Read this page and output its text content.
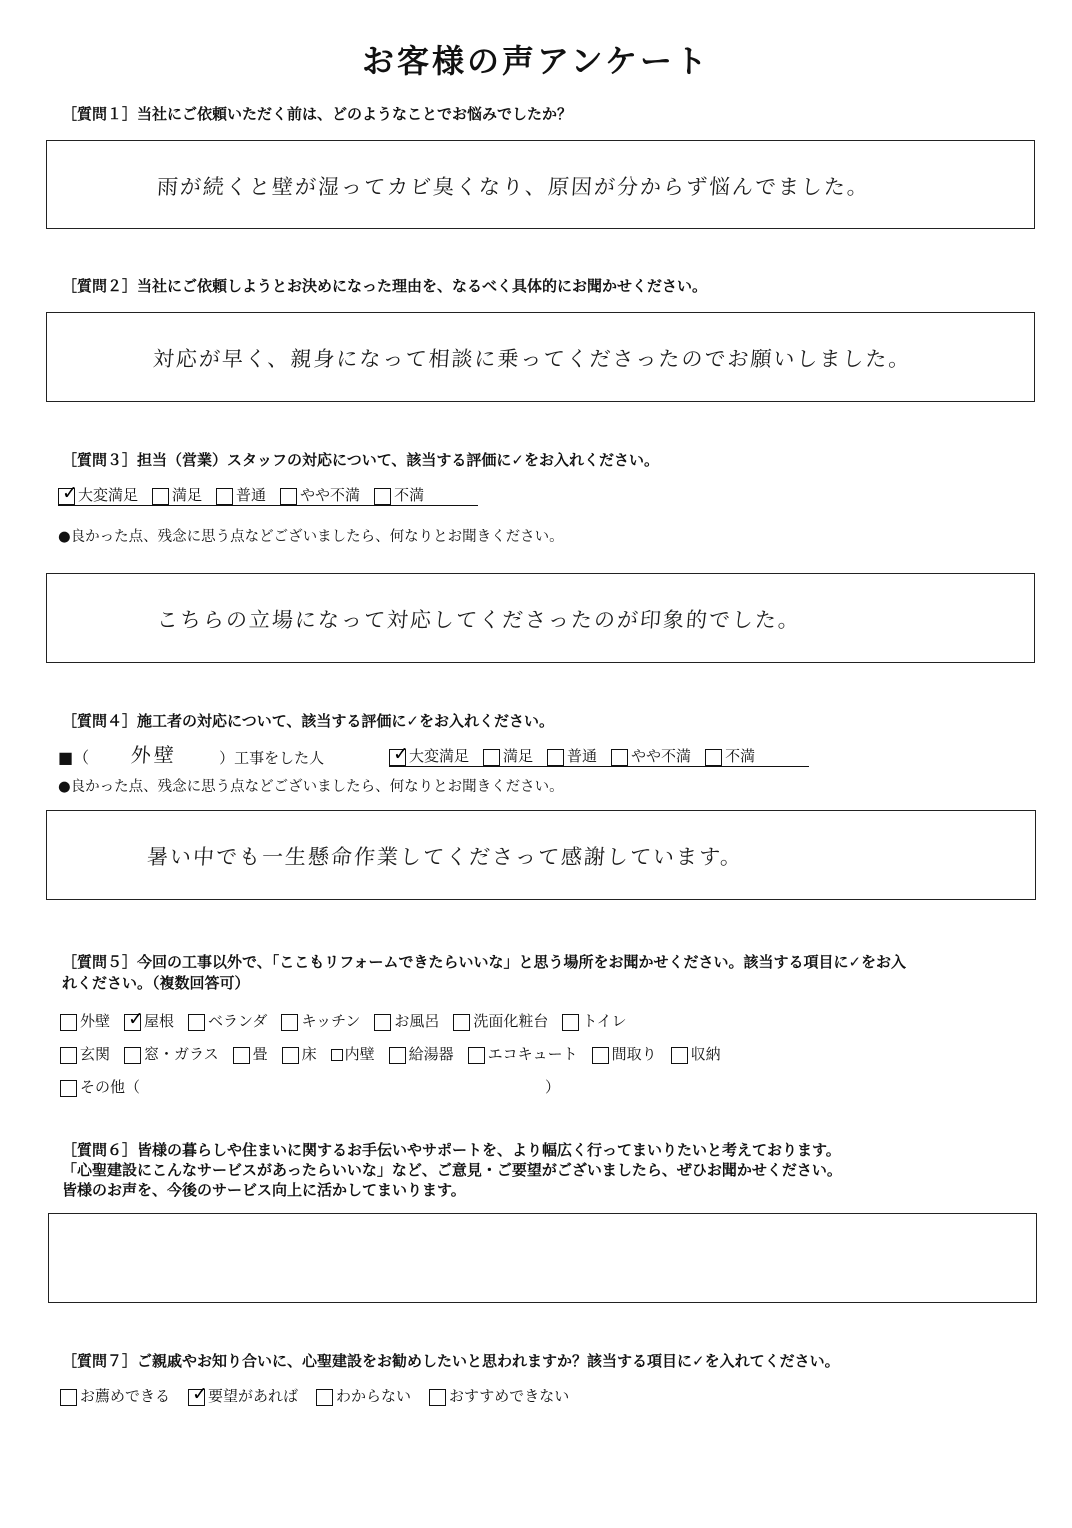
お客様の声アンケート
［質問１］当社にご依頼いただく前は、どのようなことでお悩みでしたか？
雨が続くと壁が湿ってカビ臭くなり、原因が分からず悩んでました。
［質問２］当社にご依頼しようとお決めになった理由を、なるべく具体的にお聞かせください。
対応が早く、親身になって相談に乗ってくださったのでお願いしました。
［質問３］担当（営業）スタッフの対応について、該当する評価に✓をお入れください。
✓ 大変満足 満足 普通 やや不満 不満
●良かった点、残念に思う点などございましたら、何なりとお聞きください。
こちらの立場になって対応してくださったのが印象的でした。
［質問４］施工者の対応について、該当する評価に✓をお入れください。
■（	外壁	）工事をした人	✓ 大変満足 満足 普通 やや不満 不満
●良かった点、残念に思う点などございましたら、何なりとお聞きください。
暑い中でも一生懸命作業してくださって感謝しています。
［質問５］今回の工事以外で、「ここもリフォームできたらいいな」と思う場所をお聞かせください。該当する項目に✓をお入
れください。（複数回答可）
外壁 ✓ 屋根 ベランダ キッチン お風呂 洗面化粧台 トイレ
玄関 窓・ガラス 畳 床 内壁 給湯器 エコキュート 間取り 収納
その他（	）
［質問６］皆様の暮らしや住まいに関するお手伝いやサポートを、より幅広く行ってまいりたいと考えております。
「心聖建設にこんなサービスがあったらいいな」など、ご意見・ご要望がございましたら、ぜひお聞かせください。
皆様のお声を、今後のサービス向上に活かしてまいります。
［質問７］ご親戚やお知り合いに、心聖建設をお勧めしたいと思われますか？該当する項目に✓を入れてください。
お薦めできる ✓ 要望があれば	わからない	おすすめできない
